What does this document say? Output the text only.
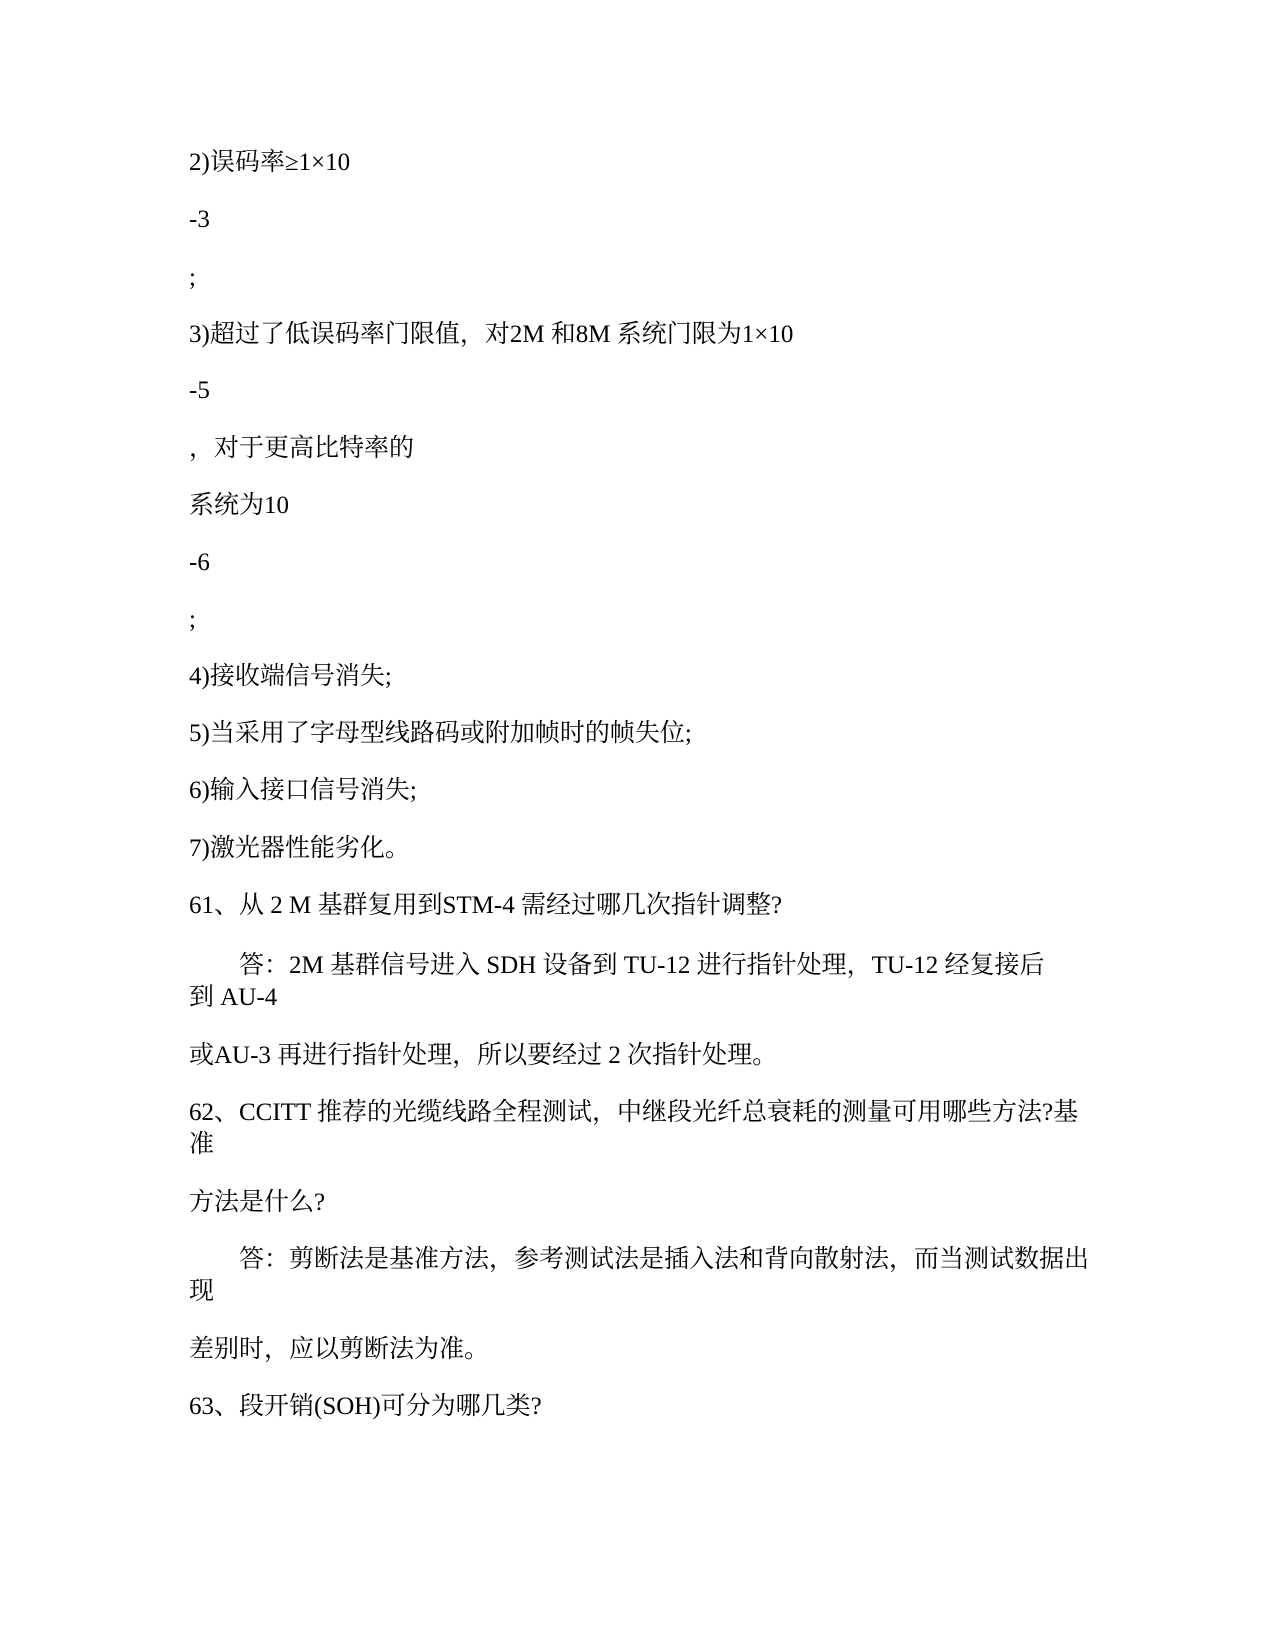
2)误码率≥1×10

-3

;

3)超过了低误码率门限值，对2M 和8M 系统门限为1×10

-5

，对于更高比特率的

系统为10

-6

;

4)接收端信号消失;

5)当采用了字母型线路码或附加帧时的帧失位;

6)输入接口信号消失;

7)激光器性能劣化。

61、从 2 M 基群复用到STM-4 需经过哪几次指针调整?

答：2M 基群信号进入 SDH 设备到 TU-12 进行指针处理，TU-12 经复接后

到 AU-4

或AU-3 再进行指针处理，所以要经过 2 次指针处理。

62、CCITT 推荐的光缆线路全程测试，中继段光纤总衰耗的测量可用哪些方法?基

准

方法是什么?

答：剪断法是基准方法，参考测试法是插入法和背向散射法，而当测试数据出

现

差别时，应以剪断法为准。

63、段开销(SOH)可分为哪几类?
